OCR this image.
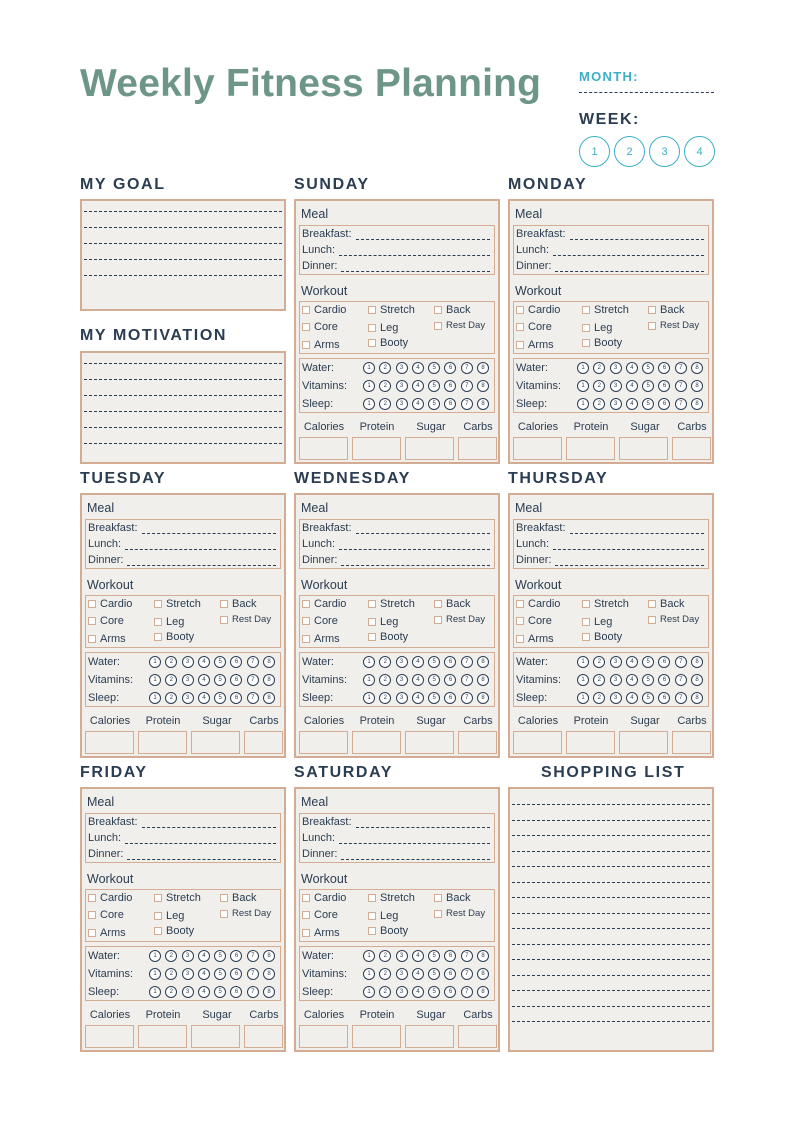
Weekly Fitness Planning	MONTH:
WEEK:
1	2	3	4
MY GOAL
MY MOTIVATION
SHOPPING LIST
SUNDAY
Meal
Breakfast:
Lunch:
Dinner:
Workout
Cardio	Stretch	Back
Core	Leg	Rest Day
Arms	Booty
Water:	1	2	3	4	5	6	7	8
Vitamins:	1	2	3	4	5	6	7	8
Sleep:	1	2	3	4	5	6	7	8
Calories	Protein	Sugar	Carbs
MONDAY
Meal
Breakfast:
Lunch:
Dinner:
Workout
Cardio	Stretch	Back
Core	Leg	Rest Day
Arms	Booty
Water:	1	2	3	4	5	6	7	8
Vitamins:	1	2	3	4	5	6	7	8
Sleep:	1	2	3	4	5	6	7	8
Calories	Protein	Sugar	Carbs
TUESDAY
Meal
Breakfast:
Lunch:
Dinner:
Workout
Cardio	Stretch	Back
Core	Leg	Rest Day
Arms	Booty
Water:	1	2	3	4	5	6	7	8
Vitamins:	1	2	3	4	5	6	7	8
Sleep:	1	2	3	4	5	6	7	8
Calories	Protein	Sugar	Carbs
WEDNESDAY
Meal
Breakfast:
Lunch:
Dinner:
Workout
Cardio	Stretch	Back
Core	Leg	Rest Day
Arms	Booty
Water:	1	2	3	4	5	6	7	8
Vitamins:	1	2	3	4	5	6	7	8
Sleep:	1	2	3	4	5	6	7	8
Calories	Protein	Sugar	Carbs
THURSDAY
Meal
Breakfast:
Lunch:
Dinner:
Workout
Cardio	Stretch	Back
Core	Leg	Rest Day
Arms	Booty
Water:	1	2	3	4	5	6	7	8
Vitamins:	1	2	3	4	5	6	7	8
Sleep:	1	2	3	4	5	6	7	8
Calories	Protein	Sugar	Carbs
FRIDAY
Meal
Breakfast:
Lunch:
Dinner:
Workout
Cardio	Stretch	Back
Core	Leg	Rest Day
Arms	Booty
Water:	1	2	3	4	5	6	7	8
Vitamins:	1	2	3	4	5	6	7	8
Sleep:	1	2	3	4	5	6	7	8
Calories	Protein	Sugar	Carbs
SATURDAY
Meal
Breakfast:
Lunch:
Dinner:
Workout
Cardio	Stretch	Back
Core	Leg	Rest Day
Arms	Booty
Water:	1	2	3	4	5	6	7	8
Vitamins:	1	2	3	4	5	6	7	8
Sleep:	1	2	3	4	5	6	7	8
Calories	Protein	Sugar	Carbs
